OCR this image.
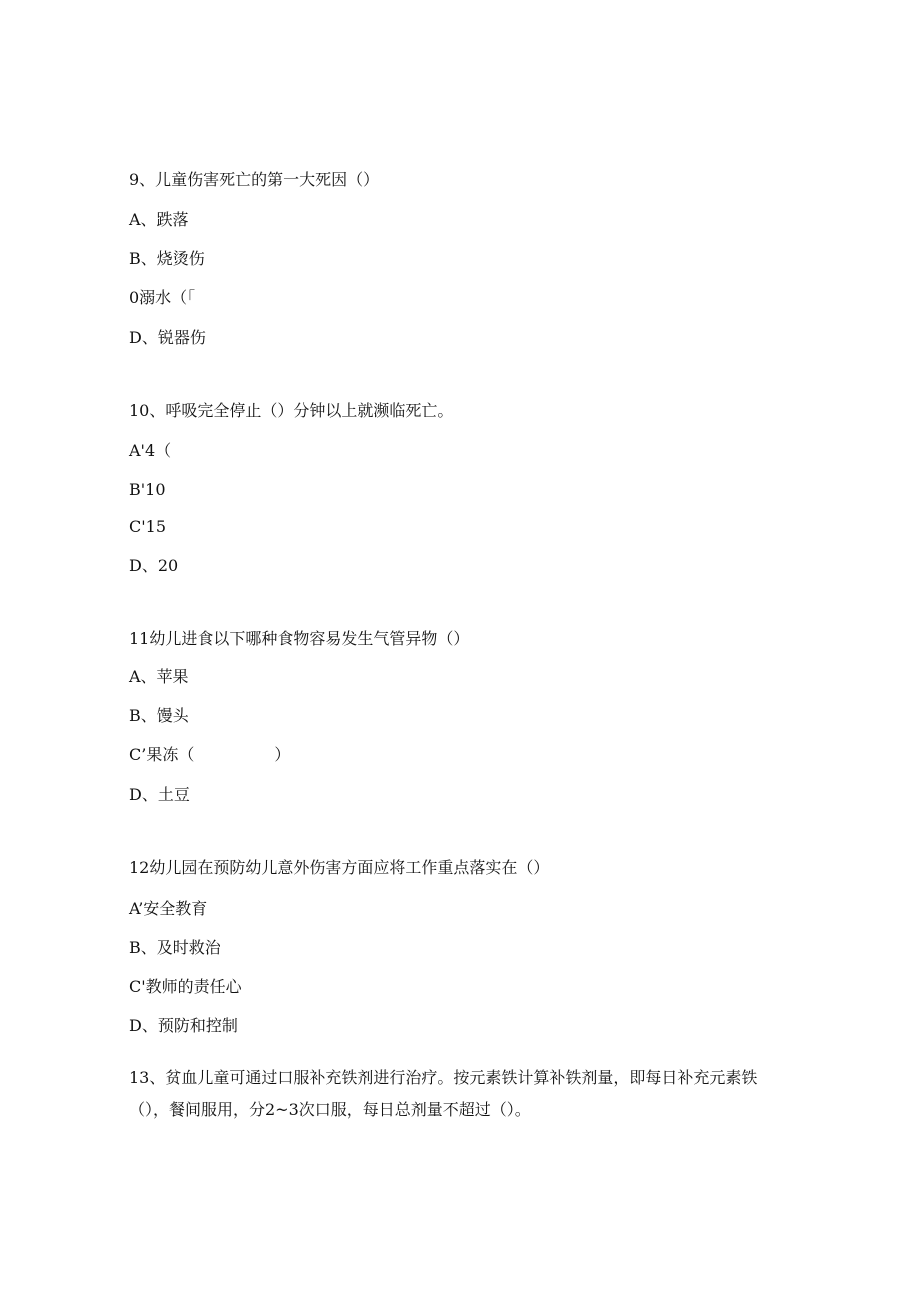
9、儿童伤害死亡的第一大死因（）
A、跌落
B、烧烫伤
0溺水（「
D、锐器伤
10、呼吸完全停止（）分钟以上就濒临死亡。
A'4（
B'10
C'15
D、20
11幼儿进食以下哪种食物容易发生气管异物（）
A、苹果
B、馒头
C’果冻（　　　　　）
D、土豆
12幼儿园在预防幼儿意外伤害方面应将工作重点落实在（）
A’安全教育
B、及时救治
C'教师的责任心
D、预防和控制
13、贫血儿童可通过口服补充铁剂进行治疗。按元素铁计算补铁剂量，即每日补充元素铁（），餐间服用，分2~3次口服，每日总剂量不超过（）。
